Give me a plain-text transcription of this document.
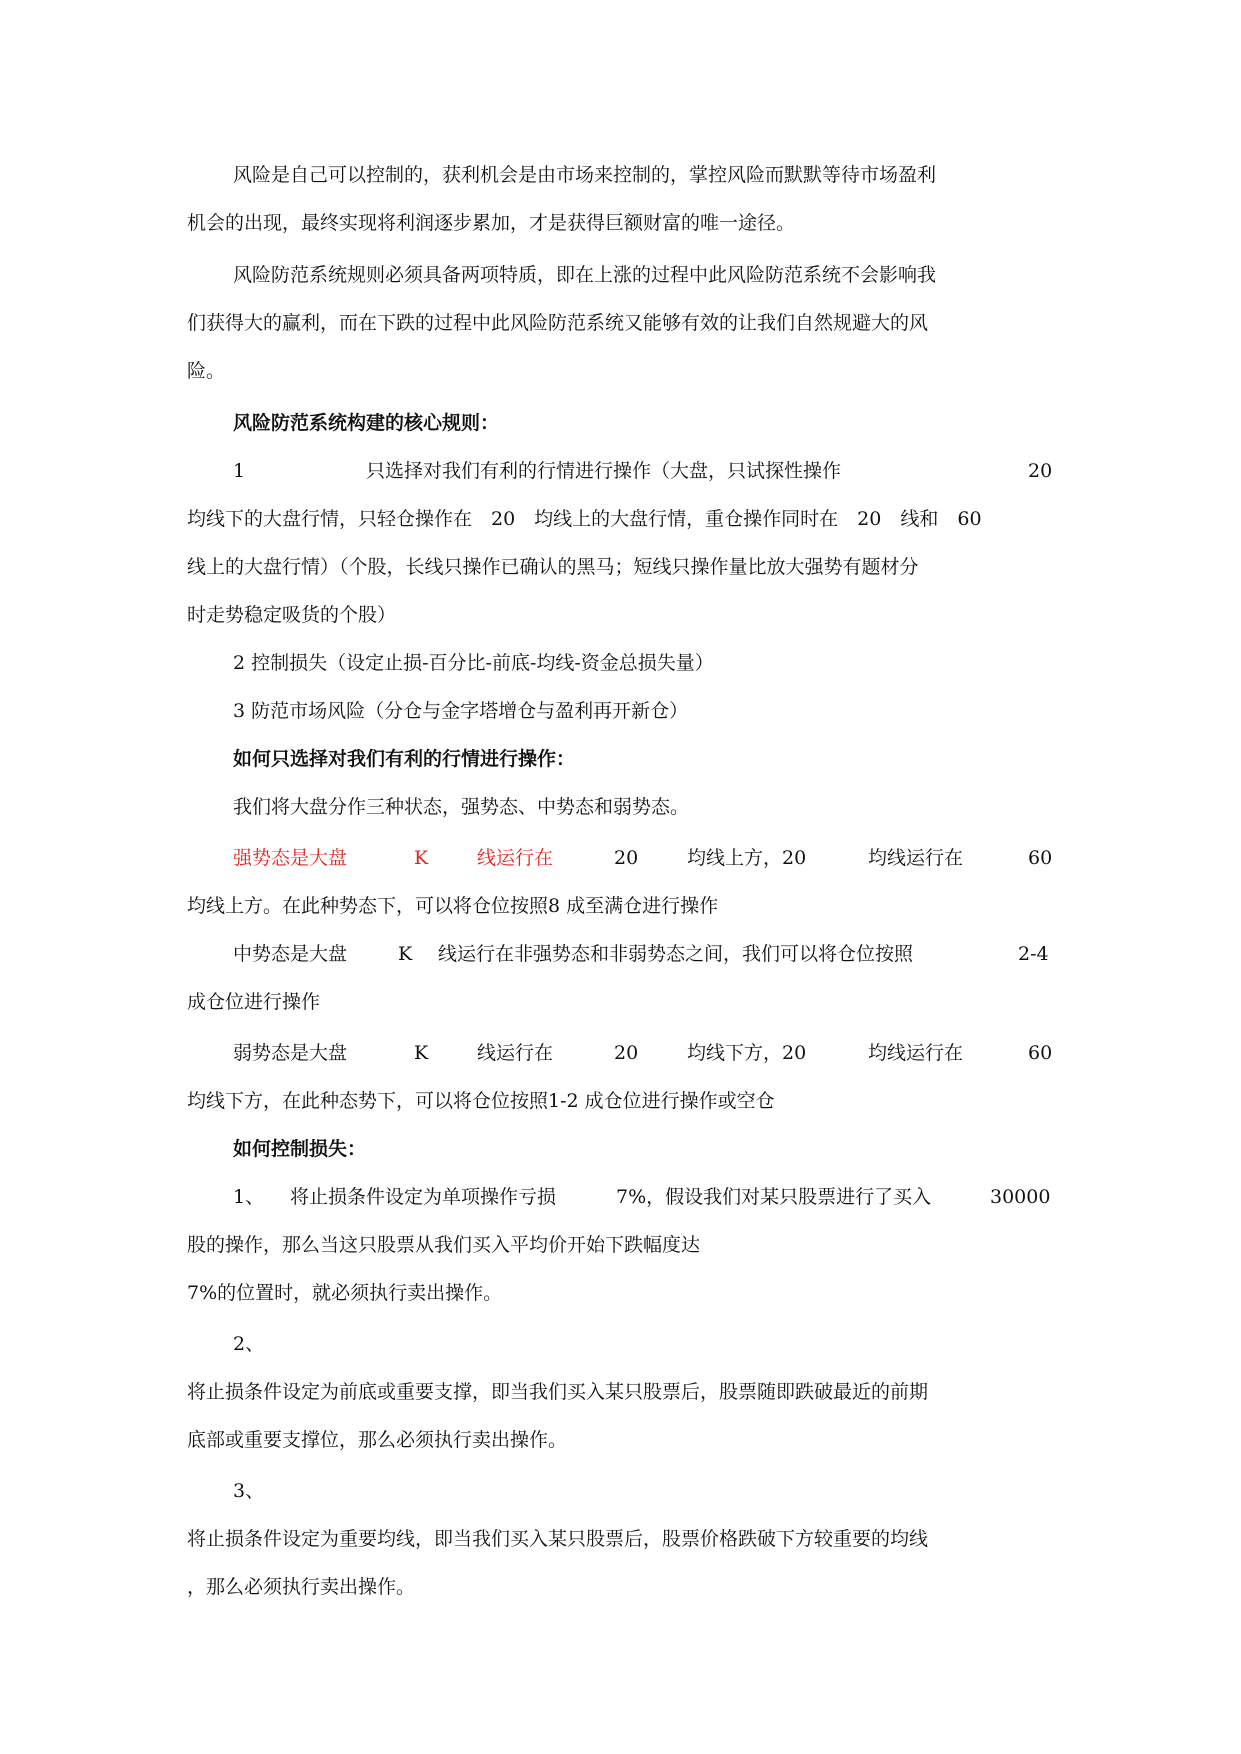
风险是自己可以控制的，获利机会是由市场来控制的，掌控风险而默默等待市场盈利
机会的出现，最终实现将利润逐步累加，才是获得巨额财富的唯一途径。
风险防范系统规则必须具备两项特质，即在上涨的过程中此风险防范系统不会影响我
们获得大的赢利，而在下跌的过程中此风险防范系统又能够有效的让我们自然规避大的风
险。
风险防范系统构建的核心规则：
1	只选择对我们有利的行情进行操作（大盘，只试探性操作	20
均线下的大盘行情，只轻仓操作在　20　均线上的大盘行情，重仓操作同时在　20　线和　60
线上的大盘行情）（个股，长线只操作已确认的黑马；短线只操作量比放大强势有题材分
时走势稳定吸货的个股）
2 控制损失（设定止损-百分比-前底-均线-资金总损失量）
3 防范市场风险（分仓与金字塔增仓与盈利再开新仓）
如何只选择对我们有利的行情进行操作：
我们将大盘分作三种状态，强势态、中势态和弱势态。
强势态是大盘	K	线运行在	20	均线上方，20	均线运行在	60
均线上方。在此种势态下，可以将仓位按照8 成至满仓进行操作
中势态是大盘	K 线运行在非强势态和非弱势态之间，我们可以将仓位按照	2-4
成仓位进行操作
弱势态是大盘	K	线运行在	20	均线下方，20	均线运行在	60
均线下方，在此种态势下，可以将仓位按照1-2 成仓位进行操作或空仓
如何控制损失：
1、 将止损条件设定为单项操作亏损	7%，假设我们对某只股票进行了买入	30000
股的操作，那么当这只股票从我们买入平均价开始下跌幅度达
7%的位置时，就必须执行卖出操作。
2、
将止损条件设定为前底或重要支撑，即当我们买入某只股票后，股票随即跌破最近的前期
底部或重要支撑位，那么必须执行卖出操作。
3、
将止损条件设定为重要均线，即当我们买入某只股票后，股票价格跌破下方较重要的均线
，那么必须执行卖出操作。
